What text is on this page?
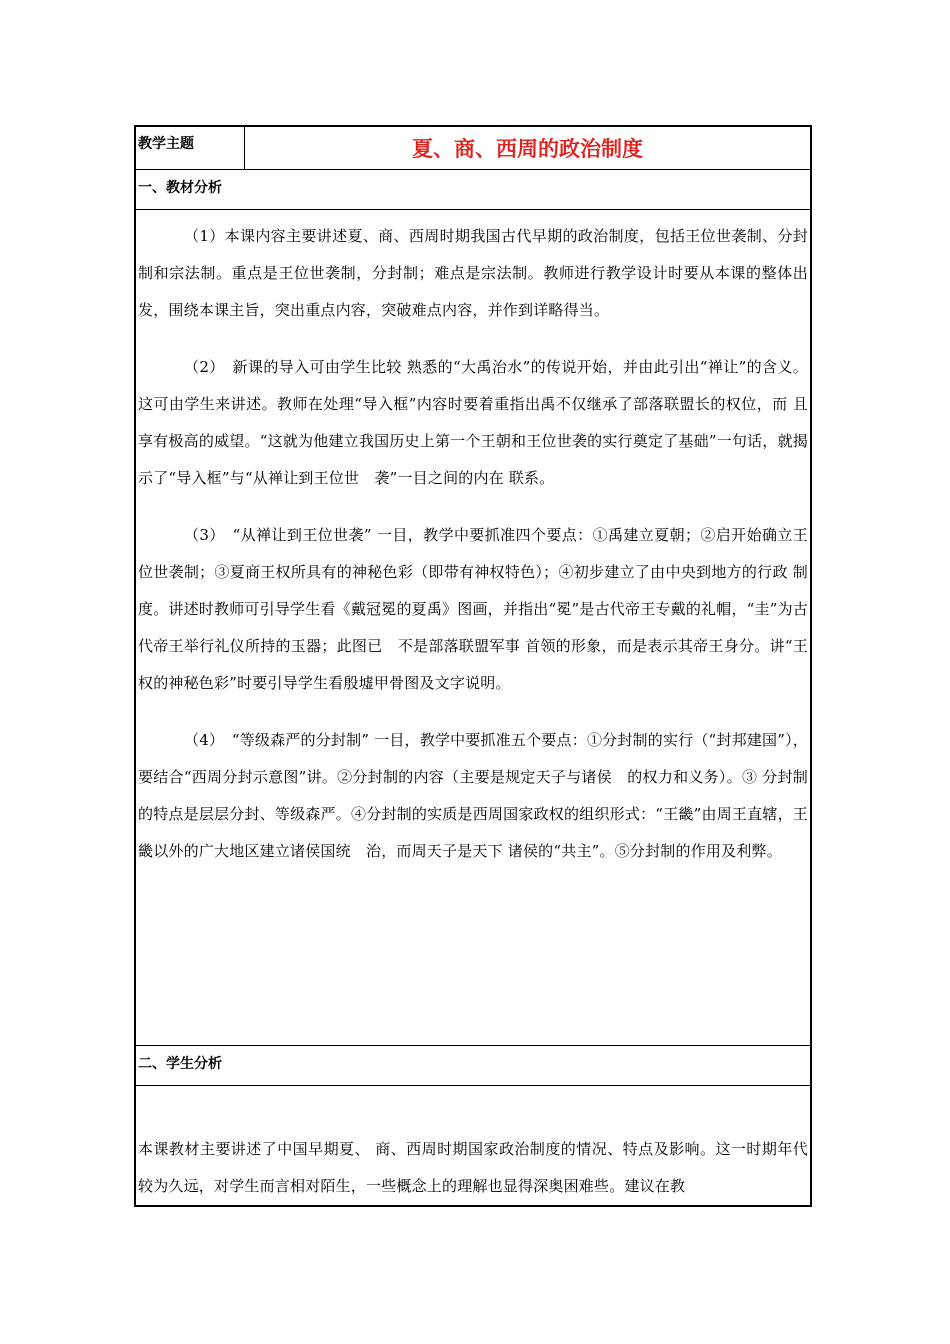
教学主题	夏、商、西周的政治制度
一、教材分析

（1）本课内容主要讲述夏、商、西周时期我国古代早期的政治制度，包括王位世袭制、分封制和宗法制。重点是王位世袭制，分封制；难点是宗法制。教师进行教学设计时要从本课的整体出发，围绕本课主旨，突出重点内容，突破难点内容，并作到详略得当。

（2）　新课的导入可由学生比较 熟悉的“大禹治水”的传说开始，并由此引出“禅让”的含义。这可由学生来讲述。教师在处理“导入框”内容时要着重指出禹不仅继承了部落联盟长的权位，而 且享有极高的威望。“这就为他建立我国历史上第一个王朝和王位世袭的实行奠定了基础”一句话，就揭示了“导入框”与“从禅让到王位世　袭”一目之间的内在 联系。

（3）　“从禅让到王位世袭” 一目，教学中要抓准四个要点：①禹建立夏朝；②启开始确立王位世袭制；③夏商王权所具有的神秘色彩（即带有神权特色）；④初步建立了由中央到地方的行政 制度。讲述时教师可引导学生看《戴冠冕的夏禹》图画，并指出“冕”是古代帝王专戴的礼帽，“圭”为古代帝王举行礼仪所持的玉器；此图已　不是部落联盟军事 首领的形象，而是表示其帝王身分。讲“王权的神秘色彩”时要引导学生看殷墟甲骨图及文字说明。

（4）　“等级森严的分封制” 一目，教学中要抓准五个要点：①分封制的实行（“封邦建国”），要结合“西周分封示意图”讲。②分封制的内容（主要是规定天子与诸侯　的权力和义务）。③ 分封制的特点是层层分封、等级森严。④分封制的实质是西周国家政权的组织形式：“王畿”由周王直辖，王畿以外的广大地区建立诸侯国统　治，而周天子是天下 诸侯的“共主”。⑤分封制的作用及利弊。

二、学生分析

本课教材主要讲述了中国早期夏、 商、西周时期国家政治制度的情况、特点及影响。这一时期年代较为久远，对学生而言相对陌生，一些概念上的理解也显得深奥困难些。建议在教
